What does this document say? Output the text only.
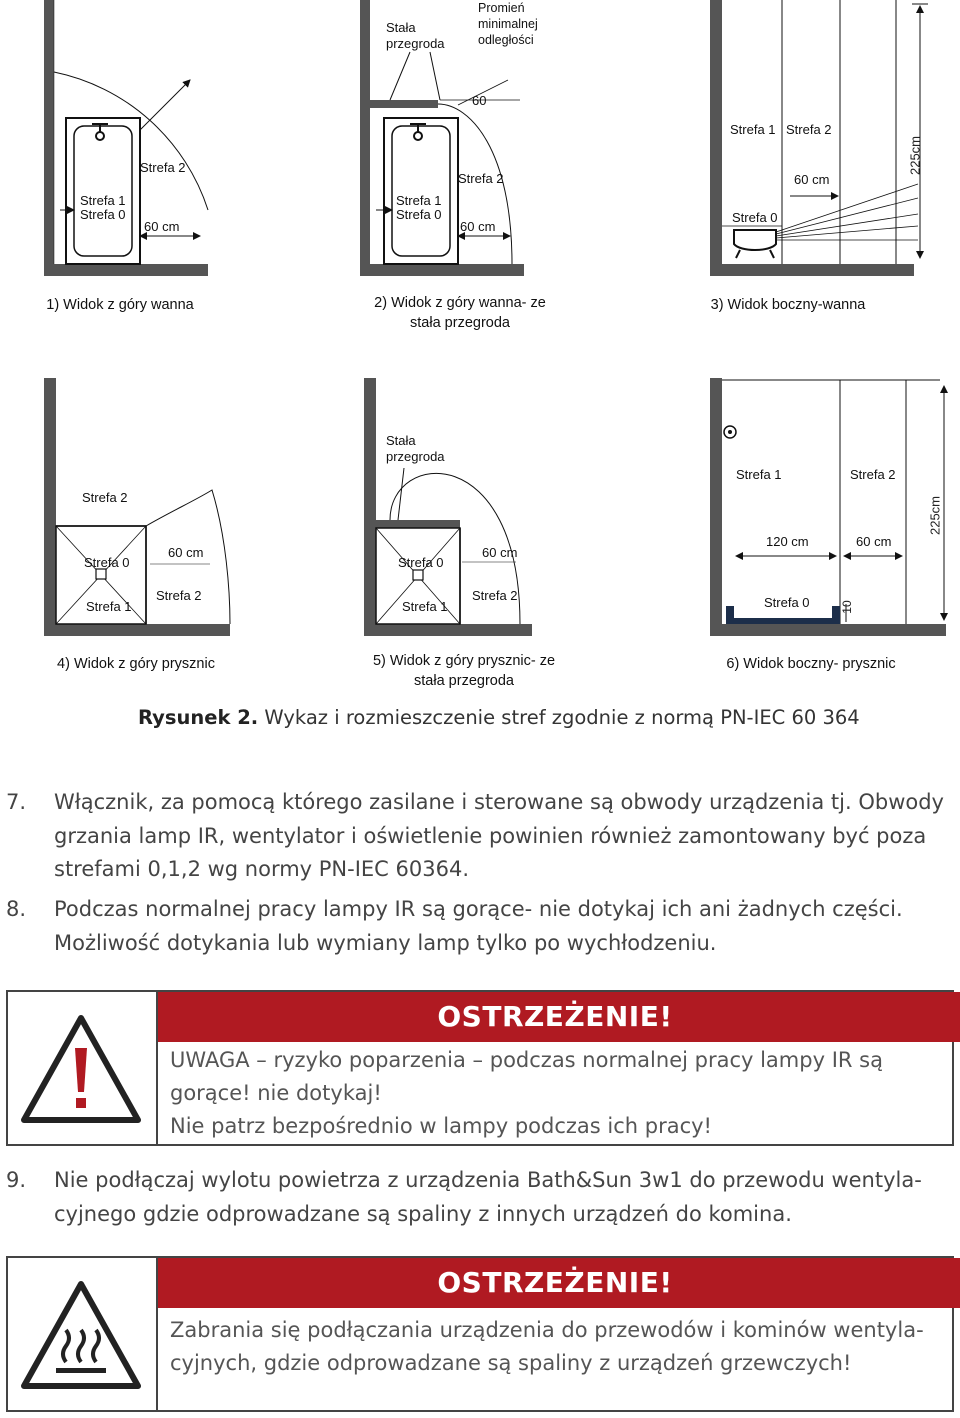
Strefa 2
Strefa 1
Strefa 0
60 cm
Stała przegroda
Promień minimalnej odległości
60
Strefa 2
Strefa 1
Strefa 0
60 cm
Strefa 1 Strefa 2
60 cm
Strefa 0
225cm
Strefa 2
Strefa 0
60 cm
Strefa 1
Strefa 2
Stała przegroda
Strefa 0
60 cm
Strefa 1
Strefa 2
Strefa 1	Strefa 2
120 cm	60 cm
Strefa 0	10
225cm
1) Widok z góry wanna	2) Widok z góry wanna- ze stała przegroda
3) Widok boczny-wanna
4) Widok z góry prysznic	5) Widok z góry prysznic- ze stała przegroda
6) Widok boczny- prysznic
Rysunek 2. Wykaz i rozmieszczenie stref zgodnie z normą PN-IEC 60 364
7. Włącznik, za pomocą którego zasilane i sterowane są obwody urządzenia tj. Obwody
grzania lamp IR, wentylator i oświetlenie powinien również zamontowany być poza
strefami 0,1,2 wg normy PN-IEC 60364.
8. Podczas normalnej pracy lampy IR są gorące- nie dotykaj ich ani żadnych części.
Możliwość dotykania lub wymiany lamp tylko po wychłodzeniu.
OSTRZEŻENIE!
UWAGA – ryzyko poparzenia – podczas normalnej pracy lampy IR są
gorące! nie dotykaj!
Nie patrz bezpośrednio w lampy podczas ich pracy!
9. Nie podłączaj wylotu powietrza z urządzenia Bath&Sun 3w1 do przewodu wentyla-
cyjnego gdzie odprowadzane są spaliny z innych urządzeń do komina.
OSTRZEŻENIE!
Zabrania się podłączania urządzenia do przewodów i kominów wentyla-
cyjnych, gdzie odprowadzane są spaliny z urządzeń grzewczych!
